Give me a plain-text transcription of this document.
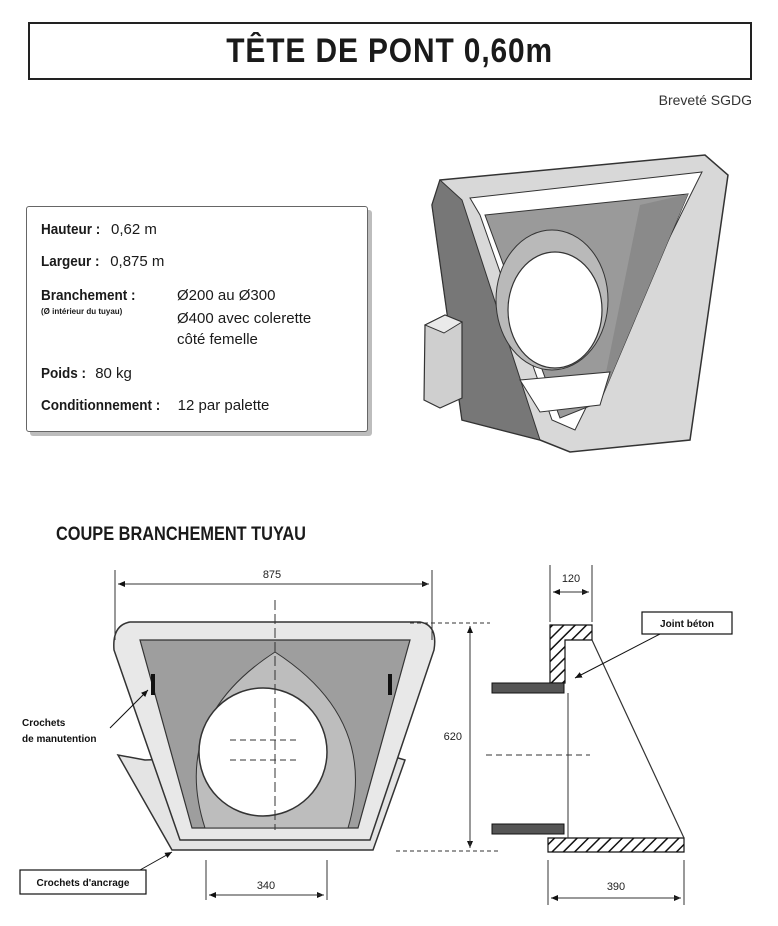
TÊTE DE PONT 0,60m
Breveté SGDG
Hauteur : 0,62 m
Largeur : 0,875 m
Branchement :
(Ø intérieur du tuyau)
Ø200 au Ø300
Ø400 avec colerette
côté femelle
Poids : 80 kg
Conditionnement : 12 par palette
COUPE BRANCHEMENT TUYAU
875
340
620
120
390
Joint béton
Crochets
de manutention
Crochets d'ancrage
